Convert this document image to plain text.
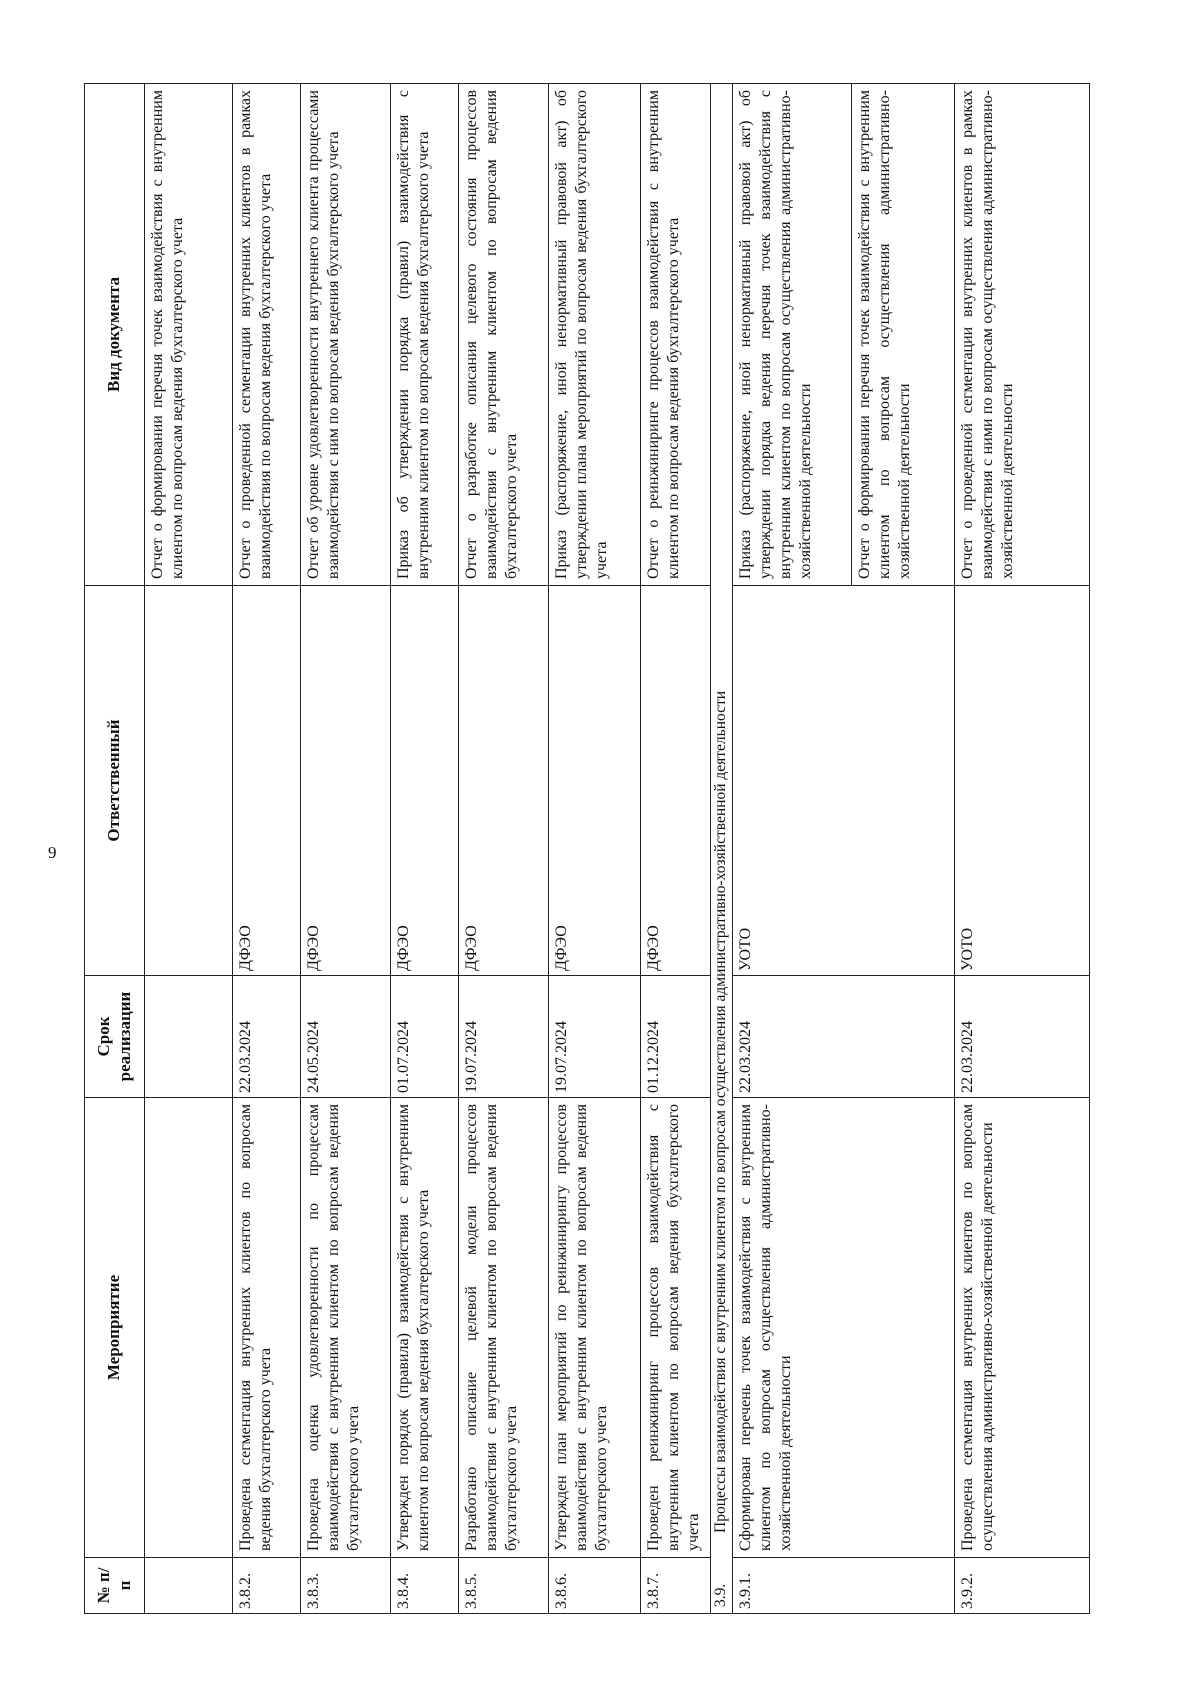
9
№ п/п	Мероприятие	Срок реализации	Ответственный	Вид документа
				Отчет о формировании перечня точек взаимодействия с внутренним клиентом по вопросам ведения бухгалтерского учета
3.8.2.	Проведена сегментация внутренних клиентов по вопросам ведения бухгалтерского учета	22.03.2024	ДФЭО	Отчет о проведенной сегментации внутренних клиентов в рамках взаимодействия по вопросам ведения бухгалтерского учета
3.8.3.	Проведена оценка удовлетворенности по процессам взаимодействия с внутренним клиентом по вопросам ведения бухгалтерского учета	24.05.2024	ДФЭО	Отчет об уровне удовлетворенности внутреннего клиента процессами взаимодействия с ним по вопросам ведения бухгалтерского учета
3.8.4.	Утвержден порядок (правила) взаимодействия с внутренним клиентом по вопросам ведения бухгалтерского учета	01.07.2024	ДФЭО	Приказ об утверждении порядка (правил) взаимодействия с внутренним клиентом по вопросам ведения бухгалтерского учета
3.8.5.	Разработано описание целевой модели процессов взаимодействия с внутренним клиентом по вопросам ведения бухгалтерского учета	19.07.2024	ДФЭО	Отчет о разработке описания целевого состояния процессов взаимодействия с внутренним клиентом по вопросам ведения бухгалтерского учета
3.8.6.	Утвержден план мероприятий по реинжинирингу процессов взаимодействия с внутренним клиентом по вопросам ведения бухгалтерского учета	19.07.2024	ДФЭО	Приказ (распоряжение, иной ненормативный правовой акт) об утверждении плана мероприятий по вопросам ведения бухгалтерского учета
3.8.7.	Проведен реинжиниринг процессов взаимодействия с внутренним клиентом по вопросам ведения бухгалтерского учета	01.12.2024	ДФЭО	Отчет о реинжиниринге процессов взаимодействия с внутренним клиентом по вопросам ведения бухгалтерского учета
3.9.Процессы взаимодействия с внутренним клиентом по вопросам осуществления административно-хозяйственной деятельности				
3.9.1.	Сформирован перечень точек взаимодействия с внутренним клиентом по вопросам осуществления административно-хозяйственной деятельности	22.03.2024	УОТО	Приказ (распоряжение, иной ненормативный правовой акт) об утверждении порядка ведения перечня точек взаимодействия с внутренним клиентом по вопросам осуществления административно-хозяйственной деятельности Отчет о формировании перечня точек взаимодействия с внутренним клиентом по вопросам осуществления административно-хозяйственной деятельности

3.9.2.	Проведена сегментация внутренних клиентов по вопросам осуществления административно-хозяйственной деятельности	22.03.2024	УОТО	Отчет о проведенной сегментации внутренних клиентов в рамках взаимодействия с ними по вопросам осуществления административно-хозяйственной деятельности
